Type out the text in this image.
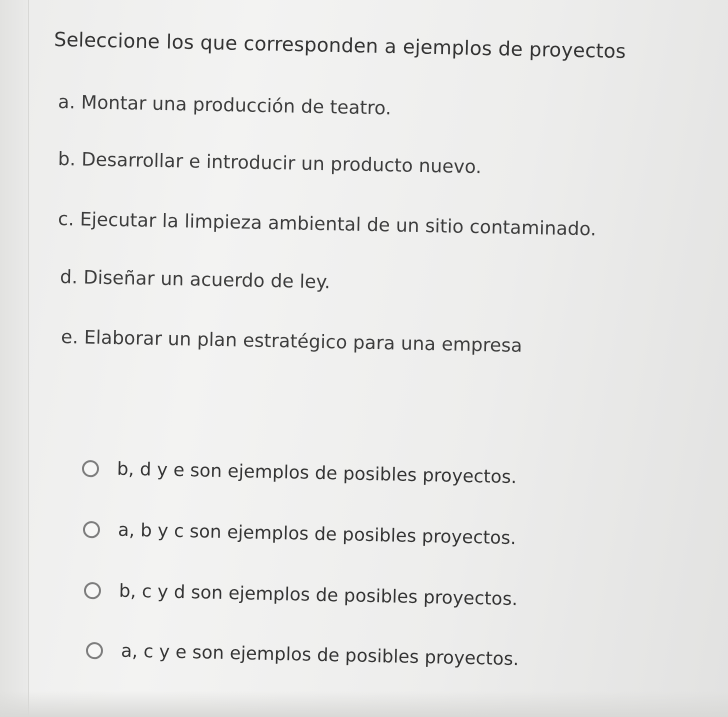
Seleccione los que corresponden a ejemplos de proyectos

a. Montar una producción de teatro.

b. Desarrollar e introducir un producto nuevo.

c. Ejecutar la limpieza ambiental de un sitio contaminado.

d. Diseñar un acuerdo de ley.

e. Elaborar un plan estratégico para una empresa

b, d y e son ejemplos de posibles proyectos.
a, b y c son ejemplos de posibles proyectos.
b, c y d son ejemplos de posibles proyectos.
a, c y e son ejemplos de posibles proyectos.
